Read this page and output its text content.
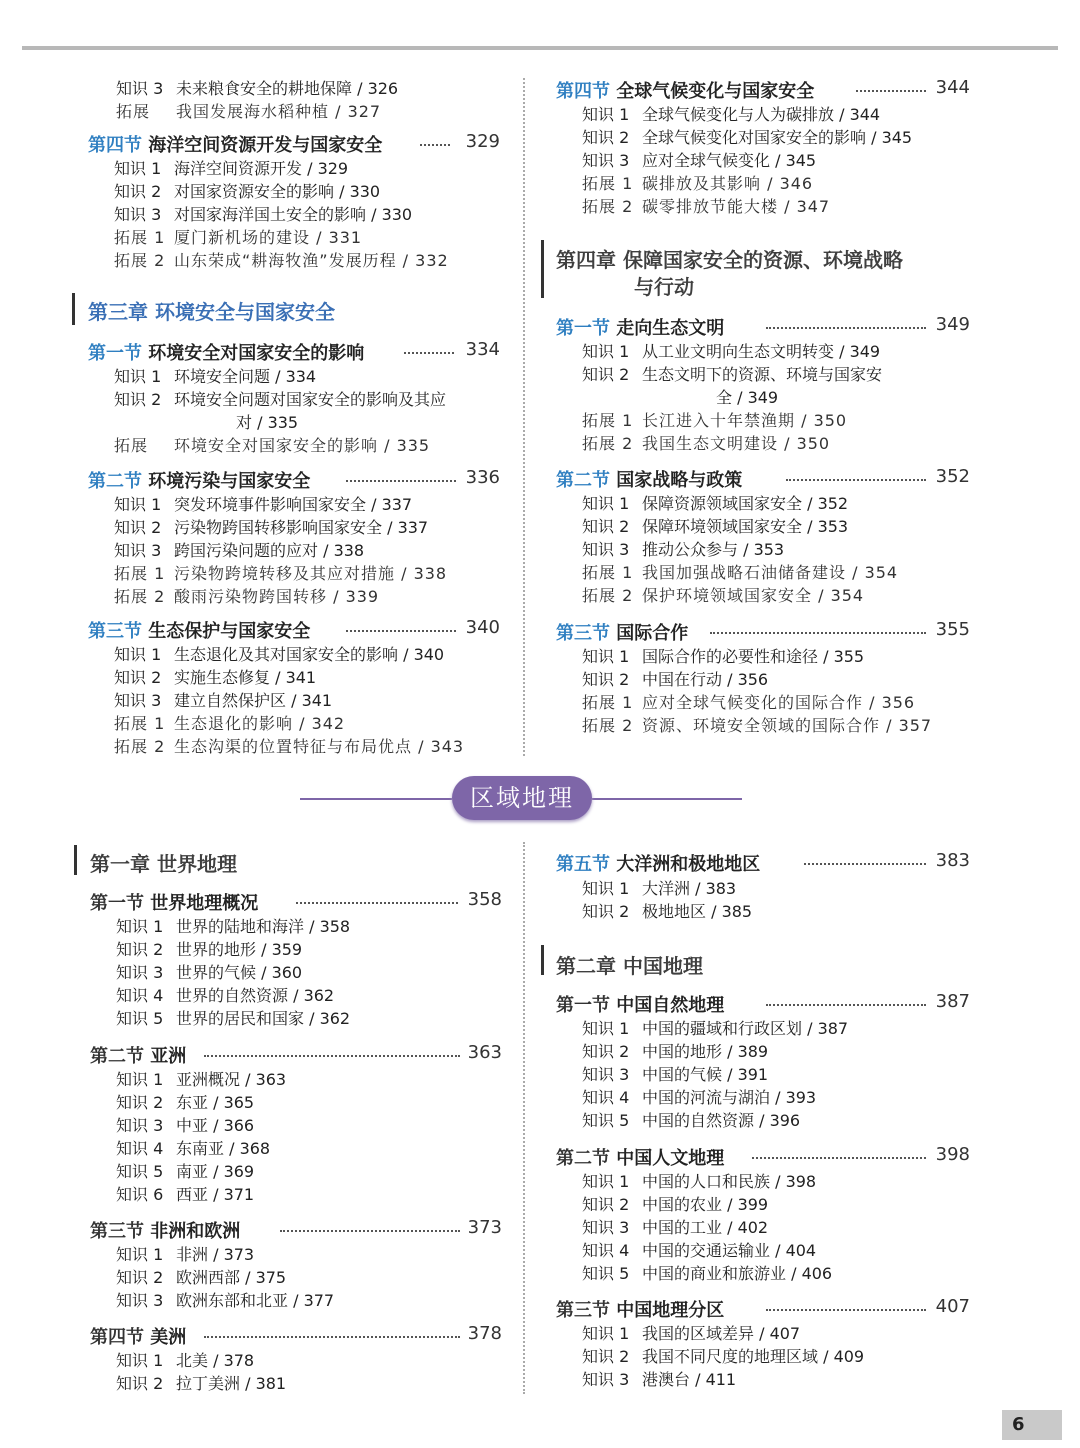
知识 3 未来粮食安全的耕地保障 / 326
拓展 我国发展海水稻种植 / 327
第四节 海洋空间资源开发与国家安全	329
知识 1 海洋空间资源开发 / 329
知识 2 对国家资源安全的影响 / 330
知识 3 对国家海洋国土安全的影响 / 330
拓展 1 厦门新机场的建设 / 331
拓展 2 山东荣成“耕海牧渔”发展历程 / 332
第三章 环境安全与国家安全
第一节 环境安全对国家安全的影响	334
知识 1 环境安全问题 / 334
知识 2 环境安全问题对国家安全的影响及其应
对 / 335
拓展 环境安全对国家安全的影响 / 335
第二节 环境污染与国家安全	336
知识 1 突发环境事件影响国家安全 / 337
知识 2 污染物跨国转移影响国家安全 / 337
知识 3 跨国污染问题的应对 / 338
拓展 1 污染物跨境转移及其应对措施 / 338
拓展 2 酸雨污染物跨国转移 / 339
第三节 生态保护与国家安全	340
知识 1 生态退化及其对国家安全的影响 / 340
知识 2 实施生态修复 / 341
知识 3 建立自然保护区 / 341
拓展 1 生态退化的影响 / 342
拓展 2 生态沟渠的位置特征与布局优点 / 343
第四节 全球气候变化与国家安全	344
知识 1 全球气候变化与人为碳排放 / 344
知识 2 全球气候变化对国家安全的影响 / 345
知识 3 应对全球气候变化 / 345
拓展 1 碳排放及其影响 / 346
拓展 2 碳零排放节能大楼 / 347
第四章 保障国家安全的资源、环境战略
与行动
第一节 走向生态文明	349
知识 1 从工业文明向生态文明转变 / 349
知识 2 生态文明下的资源、环境与国家安
全 / 349
拓展 1 长江进入十年禁渔期 / 350
拓展 2 我国生态文明建设 / 350
第二节 国家战略与政策	352
知识 1 保障资源领域国家安全 / 352
知识 2 保障环境领域国家安全 / 353
知识 3 推动公众参与 / 353
拓展 1 我国加强战略石油储备建设 / 354
拓展 2 保护环境领域国家安全 / 354
第三节 国际合作	355
知识 1 国际合作的必要性和途径 / 355
知识 2 中国在行动 / 356
拓展 1 应对全球气候变化的国际合作 / 356
拓展 2 资源、环境安全领域的国际合作 / 357
区域地理
第一章 世界地理
第一节 世界地理概况	358
知识 1 世界的陆地和海洋 / 358
知识 2 世界的地形 / 359
知识 3 世界的气候 / 360
知识 4 世界的自然资源 / 362
知识 5 世界的居民和国家 / 362
第二节 亚洲	363
知识 1 亚洲概况 / 363
知识 2 东亚 / 365
知识 3 中亚 / 366
知识 4 东南亚 / 368
知识 5 南亚 / 369
知识 6 西亚 / 371
第三节 非洲和欧洲	373
知识 1 非洲 / 373
知识 2 欧洲西部 / 375
知识 3 欧洲东部和北亚 / 377
第四节 美洲	378
知识 1 北美 / 378
知识 2 拉丁美洲 / 381
第五节 大洋洲和极地地区	383
知识 1 大洋洲 / 383
知识 2 极地地区 / 385
第二章 中国地理
第一节 中国自然地理	387
知识 1 中国的疆域和行政区划 / 387
知识 2 中国的地形 / 389
知识 3 中国的气候 / 391
知识 4 中国的河流与湖泊 / 393
知识 5 中国的自然资源 / 396
第二节 中国人文地理	398
知识 1 中国的人口和民族 / 398
知识 2 中国的农业 / 399
知识 3 中国的工业 / 402
知识 4 中国的交通运输业 / 404
知识 5 中国的商业和旅游业 / 406
第三节 中国地理分区	407
知识 1 我国的区域差异 / 407
知识 2 我国不同尺度的地理区域 / 409
知识 3 港澳台 / 411
6
